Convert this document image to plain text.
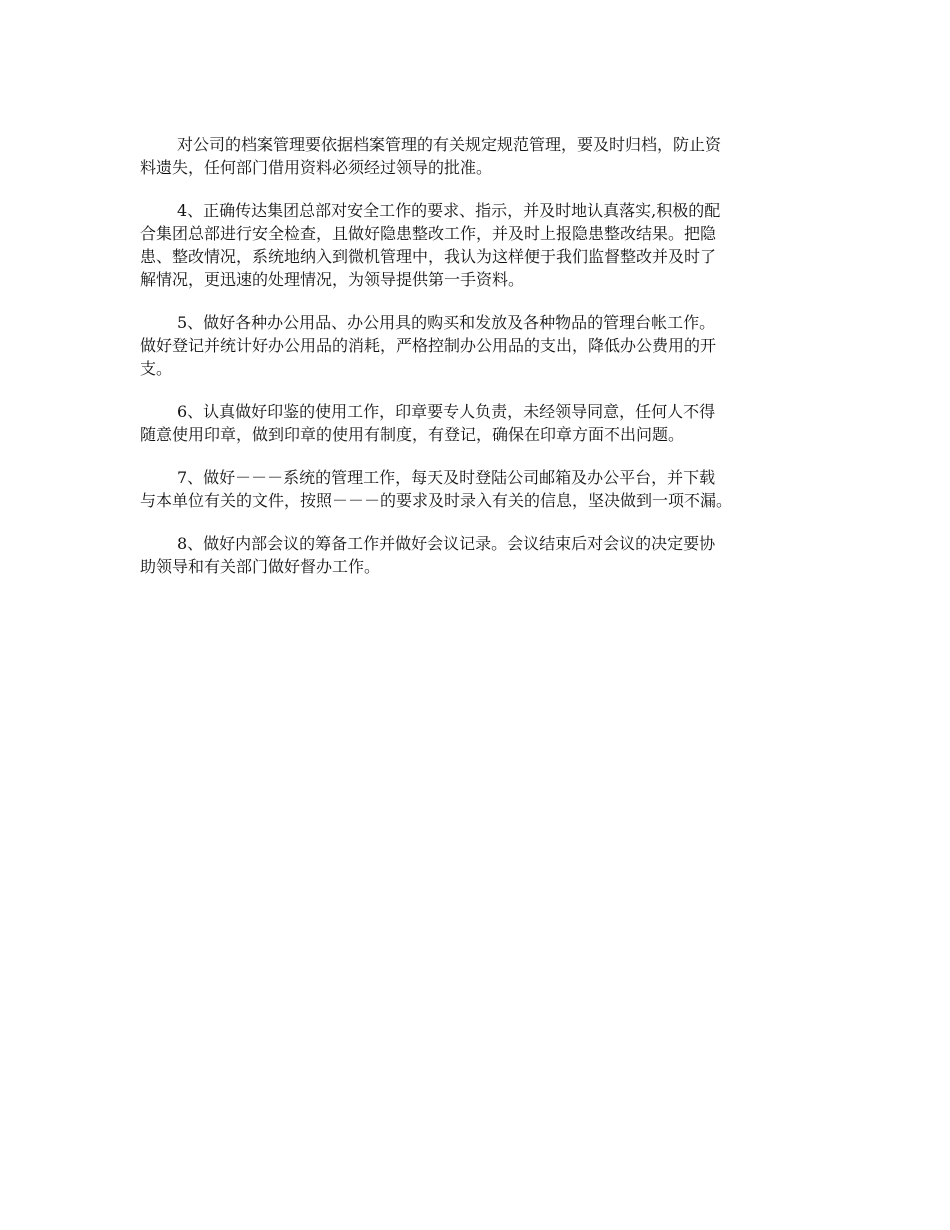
对公司的档案管理要依据档案管理的有关规定规范管理，要及时归档，防止资
料遗失，任何部门借用资料必须经过领导的批准。

4、正确传达集团总部对安全工作的要求、指示，并及时地认真落实,积极的配
合集团总部进行安全检查，且做好隐患整改工作，并及时上报隐患整改结果。把隐
患、整改情况，系统地纳入到微机管理中，我认为这样便于我们监督整改并及时了
解情况，更迅速的处理情况，为领导提供第一手资料。

5、做好各种办公用品、办公用具的购买和发放及各种物品的管理台帐工作。
做好登记并统计好办公用品的消耗，严格控制办公用品的支出，降低办公费用的开
支。

6、认真做好印鉴的使用工作，印章要专人负责，未经领导同意，任何人不得
随意使用印章，做到印章的使用有制度，有登记，确保在印章方面不出问题。

7、做好－－－系统的管理工作，每天及时登陆公司邮箱及办公平台，并下载
与本单位有关的文件，按照－－－的要求及时录入有关的信息，坚决做到一项不漏。

8、做好内部会议的筹备工作并做好会议记录。会议结束后对会议的决定要协
助领导和有关部门做好督办工作。
